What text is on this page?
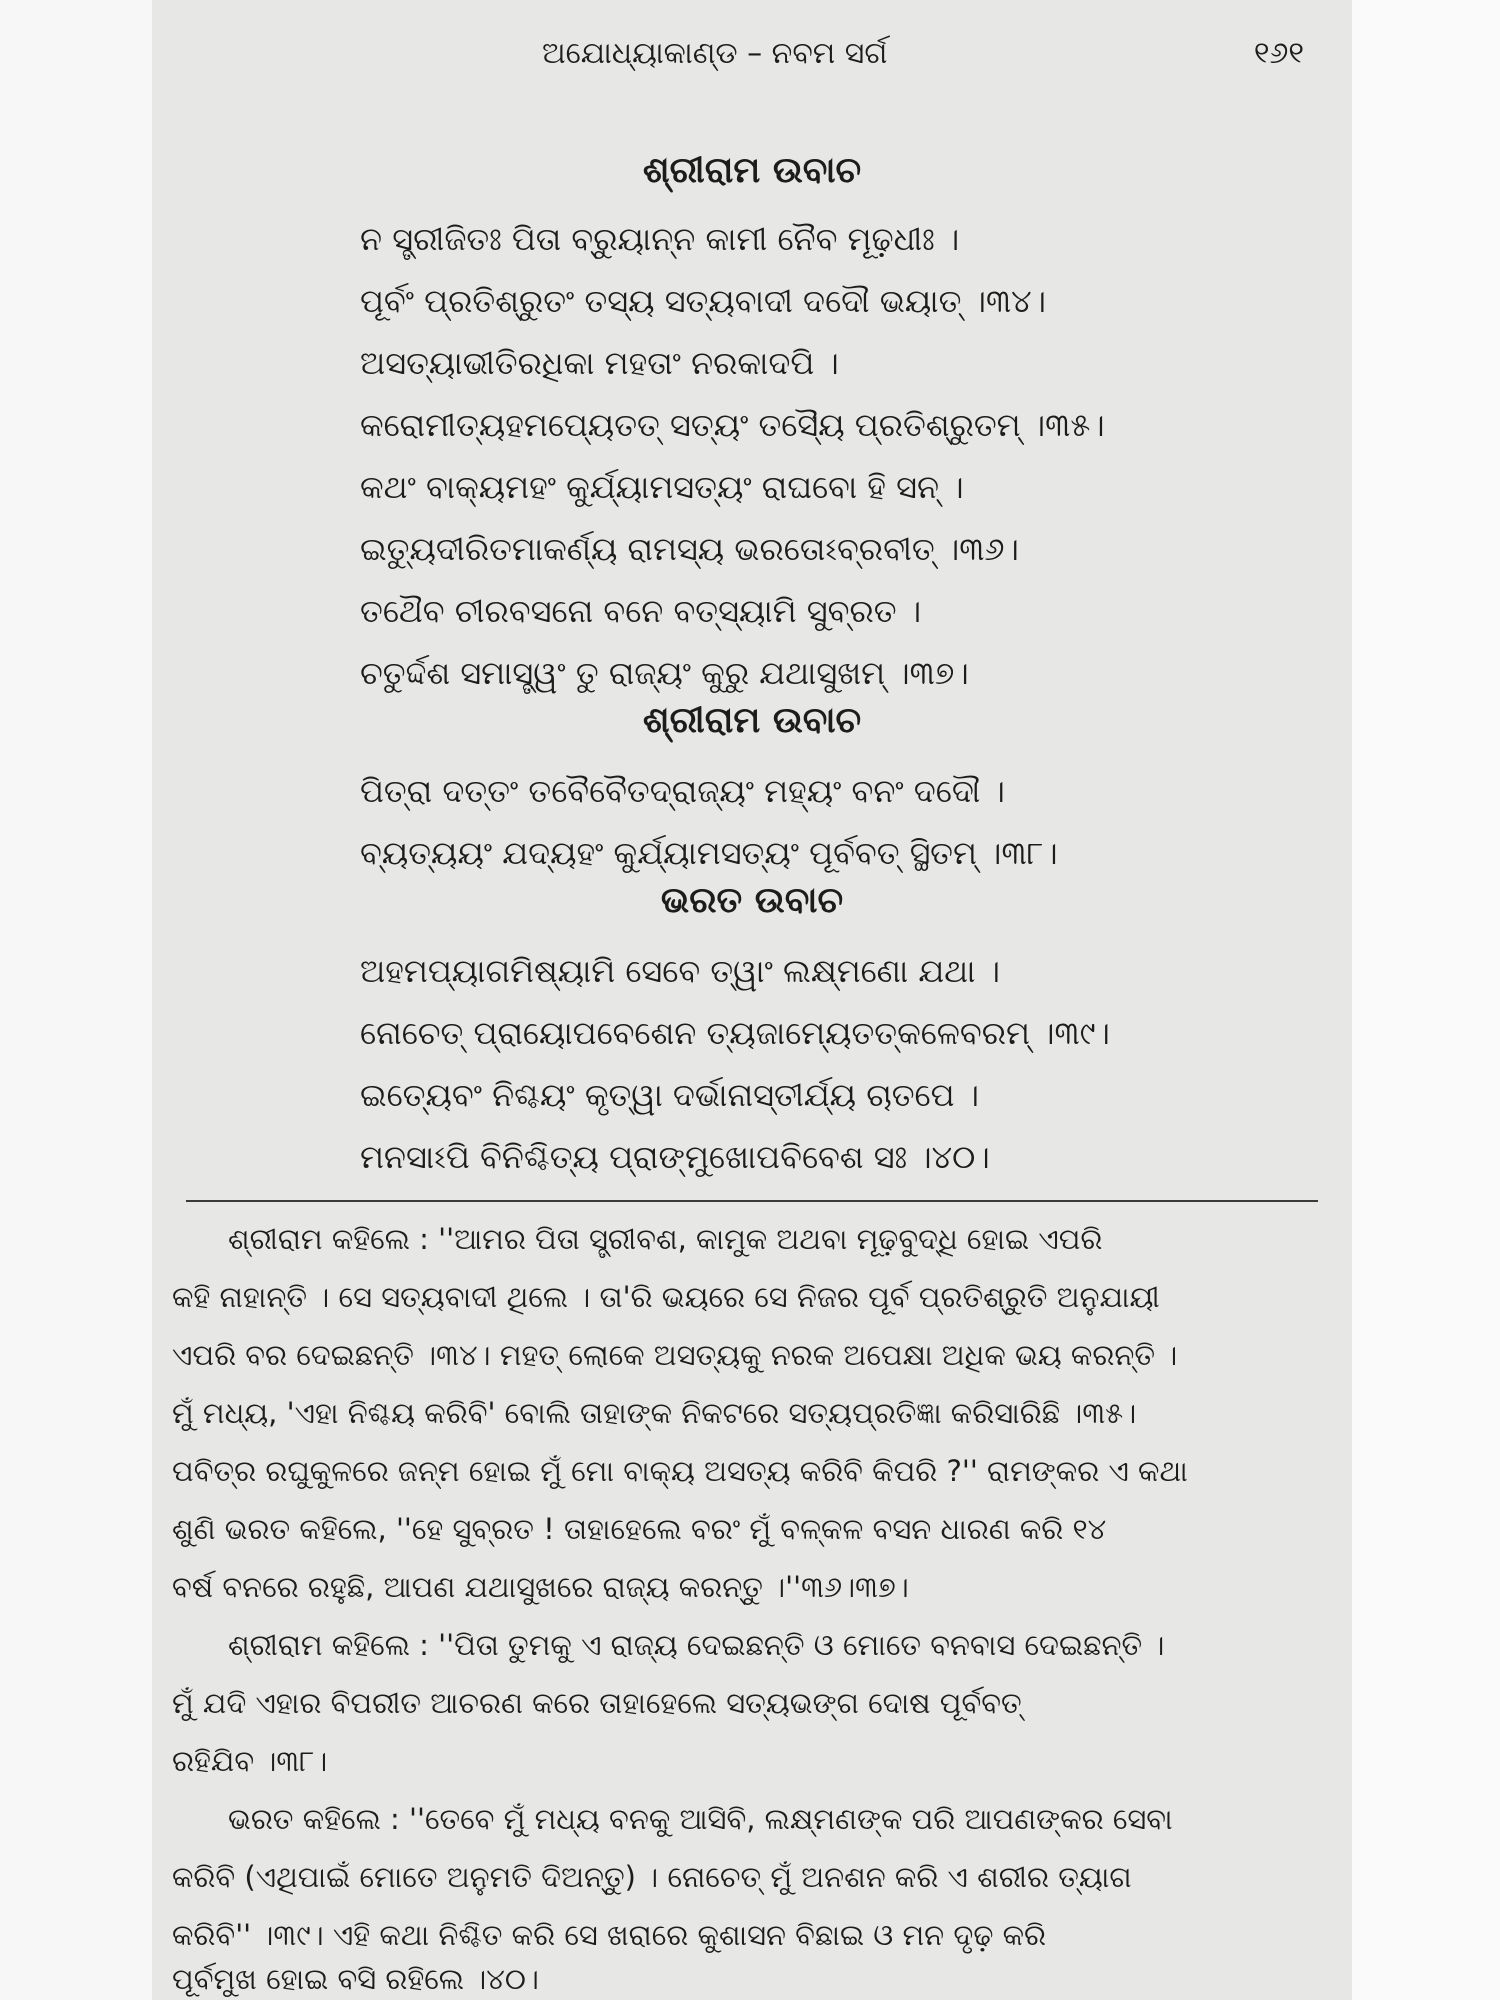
ଅଯୋଧ୍ୟାକାଣ୍ଡ – ନବମ ସର୍ଗ	୧୬୧
ଶ୍ରୀରାମ ଉବାଚ
ନ ସ୍ତ୍ରୀଜିତଃ ପିତା ବ୍ରୁୟାନ୍ନ କାମୀ ନୈବ ମୂଢ଼ଧୀଃ ।
ପୂର୍ବଂ ପ୍ରତିଶ୍ରୁତଂ ତସ୍ୟ ସତ୍ୟବାଦୀ ଦଦୌ ଭୟାତ୍ ।୩୪।
ଅସତ୍ୟାଭୀତିରଧିକା ମହତାଂ ନରକାଦପି ।
କରୋମୀତ୍ୟହମପ୍ୟେତତ୍ ସତ୍ୟଂ ତସ୍ୟୈ ପ୍ରତିଶ୍ରୁତମ୍ ।୩୫।
କଥଂ ବାକ୍ୟମହଂ କୁର୍ଯ୍ୟାମସତ୍ୟଂ ରାଘବୋ ହି ସନ୍ ।
ଇତ୍ୟୁଦୀରିତମାକର୍ଣ୍ୟ ରାମସ୍ୟ ଭରତୋଽବ୍ରବୀତ୍ ।୩୬।
ତଥୈବ ଚୀରବସନୋ ବନେ ବତ୍ସ୍ୟାମି ସୁବ୍ରତ ।
ଚତୁର୍ଦ୍ଦଶ ସମାସ୍ତ୍ୱଂ ତୁ ରାଜ୍ୟଂ କୁରୁ ଯଥାସୁଖମ୍ ।୩୭।
ଶ୍ରୀରାମ ଉବାଚ
ପିତ୍ରା ଦତ୍ତଂ ତବୈବୈତଦ୍ରାଜ୍ୟଂ ମହ୍ୟଂ ବନଂ ଦଦୌ ।
ବ୍ୟତ୍ୟୟଂ ଯଦ୍ୟହଂ କୁର୍ଯ୍ୟାମସତ୍ୟଂ ପୂର୍ବବତ୍ ସ୍ଥିତମ୍ ।୩୮।
ଭରତ ଉବାଚ
ଅହମପ୍ୟାଗମିଷ୍ୟାମି ସେବେ ତ୍ୱାଂ ଲକ୍ଷ୍ମଣୋ ଯଥା ।
ନୋଚେତ୍ ପ୍ରାୟୋପବେଶେନ ତ୍ୟଜାମ୍ୟେତତ୍କଳେବରମ୍ ।୩୯।
ଇତ୍ୟେବଂ ନିଶ୍ଚୟଂ କୃତ୍ୱା ଦର୍ଭାନାସ୍ତୀର୍ଯ୍ୟ ଚାତପେ ।
ମନସାଽପି ବିନିଶ୍ଚିତ୍ୟ ପ୍ରାଙ୍ମୁଖୋପବିବେଶ ସଃ ।୪୦।
ଶ୍ରୀରାମ କହିଲେ : ''ଆମର ପିତା ସ୍ତ୍ରୀବଶ, କାମୁକ ଅଥବା ମୂଢ଼ବୁଦ୍ଧି ହୋଇ ଏପରି
କହି ନାହାନ୍ତି । ସେ ସତ୍ୟବାଦୀ ଥିଲେ । ତା'ରି ଭୟରେ ସେ ନିଜର ପୂର୍ବ ପ୍ରତିଶ୍ରୁତି ଅନୁଯାୟୀ
ଏପରି ବର ଦେଇଛନ୍ତି ।୩୪। ମହତ୍ ଲୋକେ ଅସତ୍ୟକୁ ନରକ ଅପେକ୍ଷା ଅଧିକ ଭୟ କରନ୍ତି ।
ମୁଁ ମଧ୍ୟ, 'ଏହା ନିଶ୍ଚୟ କରିବି' ବୋଲି ତାହାଙ୍କ ନିକଟରେ ସତ୍ୟପ୍ରତିଜ୍ଞା କରିସାରିଛି ।୩୫।
ପବିତ୍ର ରଘୁକୁଳରେ ଜନ୍ମ ହୋଇ ମୁଁ ମୋ ବାକ୍ୟ ଅସତ୍ୟ କରିବି କିପରି ?'' ରାମଙ୍କର ଏ କଥା
ଶୁଣି ଭରତ କହିଲେ, ''ହେ ସୁବ୍ରତ ! ତାହାହେଲେ ବରଂ ମୁଁ ବଳ୍କଳ ବସନ ଧାରଣ କରି ୧୪
ବର୍ଷ ବନରେ ରହୁଛି, ଆପଣ ଯଥାସୁଖରେ ରାଜ୍ୟ କରନ୍ତୁ ।''୩୬।୩୭।
ଶ୍ରୀରାମ କହିଲେ : ''ପିତା ତୁମକୁ ଏ ରାଜ୍ୟ ଦେଇଛନ୍ତି ଓ ମୋତେ ବନବାସ ଦେଇଛନ୍ତି ।
ମୁଁ ଯଦି ଏହାର ବିପରୀତ ଆଚରଣ କରେ ତାହାହେଲେ ସତ୍ୟଭଙ୍ଗ ଦୋଷ ପୂର୍ବବତ୍
ରହିଯିବ ।୩୮।
ଭରତ କହିଲେ : ''ତେବେ ମୁଁ ମଧ୍ୟ ବନକୁ ଆସିବି, ଲକ୍ଷ୍ମଣଙ୍କ ପରି ଆପଣଙ୍କର ସେବା
କରିବି (ଏଥିପାଇଁ ମୋତେ ଅନୁମତି ଦିଅନ୍ତୁ) । ନୋଚେତ୍ ମୁଁ ଅନଶନ କରି ଏ ଶରୀର ତ୍ୟାଗ
କରିବି'' ।୩୯। ଏହି କଥା ନିଶ୍ଚିତ କରି ସେ ଖରାରେ କୁଶାସନ ବିଛାଇ ଓ ମନ ଦୃଢ଼ କରି
ପୂର୍ବମୁଖ ହୋଇ ବସି ରହିଲେ ।୪୦।
